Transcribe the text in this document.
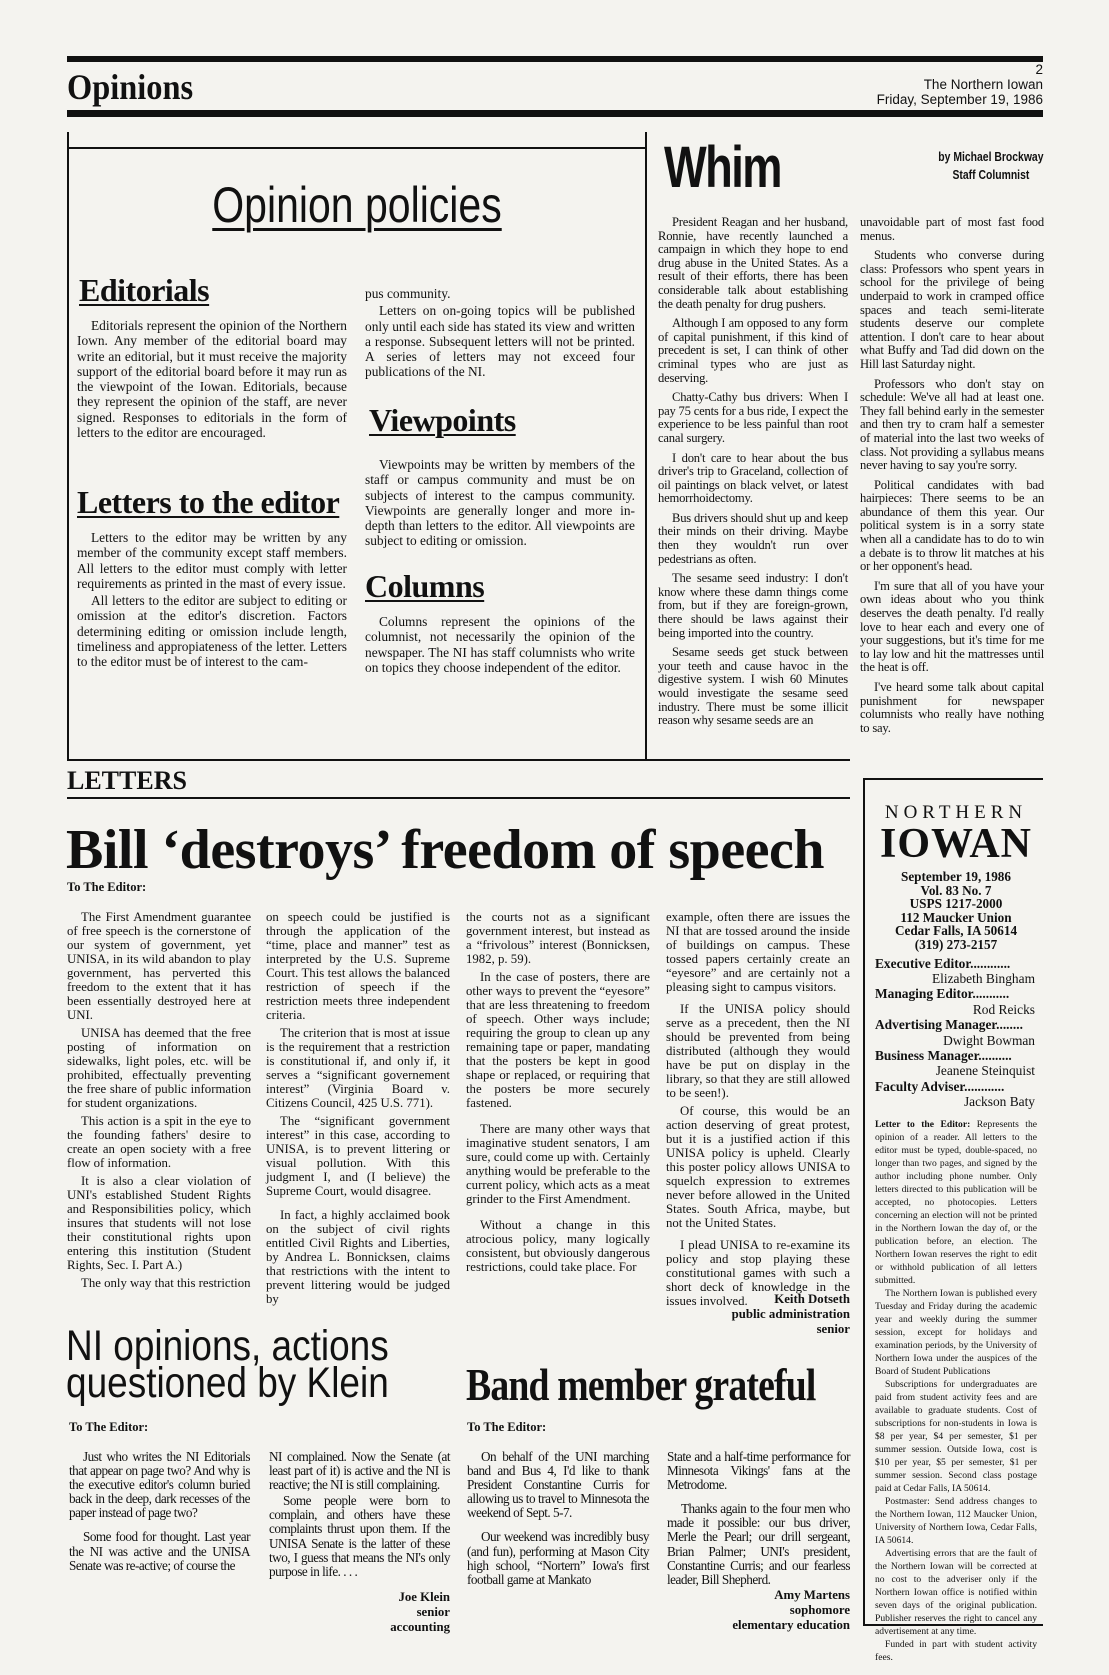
Opinions	2
The Northern Iowan
Friday, September 19, 1986
Opinion policies
Editorials

Editorials represent the opinion of the Northern Iown. Any member of the editorial board may write an editorial, but it must receive the majority support of the editorial board before it may run as the viewpoint of the Iowan. Editorials, because they represent the opinion of the staff, are never signed. Responses to editorials in the form of letters to the editor are encouraged.

Letters to the editor

Letters to the editor may be written by any member of the community except staff members. All letters to the editor must comply with letter requirements as printed in the mast of every issue.

All letters to the editor are subject to editing or omission at the editor's discretion. Factors determining editing or omission include length, timeliness and appropiateness of the letter. Letters to the editor must be of interest to the cam-

pus community.

Letters on on-going topics will be published only until each side has stated its view and written a response. Subsequent letters will not be printed. A series of letters may not exceed four publications of the NI.

Viewpoints

Viewpoints may be written by members of the staff or campus community and must be on subjects of interest to the campus community. Viewpoints are generally longer and more in-depth than letters to the editor. All viewpoints are subject to editing or omission.

Columns

Columns represent the opinions of the columnist, not necessarily the opinion of the newspaper. The NI has staff columnists who write on topics they choose independent of the editor.

Whim	by Michael Brockway
Staff Columnist

President Reagan and her husband, Ronnie, have recently launched a campaign in which they hope to end drug abuse in the United States. As a result of their efforts, there has been considerable talk about establishing the death penalty for drug pushers.

Although I am opposed to any form of capital punishment, if this kind of precedent is set, I can think of other criminal types who are just as deserving.

Chatty-Cathy bus drivers: When I pay 75 cents for a bus ride, I expect the experience to be less painful than root canal surgery.

I don't care to hear about the bus driver's trip to Graceland, collection of oil paintings on black velvet, or latest hemorrhoidectomy.

Bus drivers should shut up and keep their minds on their driving. Maybe then they wouldn't run over pedestrians as often.

The sesame seed industry: I don't know where these damn things come from, but if they are foreign-grown, there should be laws against their being imported into the country.

Sesame seeds get stuck between your teeth and cause havoc in the digestive system. I wish 60 Minutes would investigate the sesame seed industry. There must be some illicit reason why sesame seeds are an

unavoidable part of most fast food menus.

Students who converse during class: Professors who spent years in school for the privilege of being underpaid to work in cramped office spaces and teach semi-literate students deserve our complete attention. I don't care to hear about what Buffy and Tad did down on the Hill last Saturday night.

Professors who don't stay on schedule: We've all had at least one. They fall behind early in the semester and then try to cram half a semester of material into the last two weeks of class. Not providing a syllabus means never having to say you're sorry.

Political candidates with bad hairpieces: There seems to be an abundance of them this year. Our political system is in a sorry state when all a candidate has to do to win a debate is to throw lit matches at his or her opponent's head.

I'm sure that all of you have your own ideas about who you think deserves the death penalty. I'd really love to hear each and every one of your suggestions, but it's time for me to lay low and hit the mattresses until the heat is off.

I've heard some talk about capital punishment for newspaper columnists who really have nothing to say.

LETTERS
Bill ‘destroys’ freedom of speech
To The Editor:

The First Amendment guarantee of free speech is the cornerstone of our system of government, yet UNISA, in its wild abandon to play government, has perverted this freedom to the extent that it has been essentially destroyed here at UNI.

UNISA has deemed that the free posting of information on sidewalks, light poles, etc. will be prohibited, effectually preventing the free share of public information for student organizations.

This action is a spit in the eye to the founding fathers' desire to create an open society with a free flow of information.

It is also a clear violation of UNI's established Student Rights and Responsibilities policy, which insures that students will not lose their constitutional rights upon entering this institution (Student Rights, Sec. I. Part A.)

The only way that this restriction

on speech could be justified is through the application of the “time, place and manner” test as interpreted by the U.S. Supreme Court. This test allows the balanced restriction of speech if the restriction meets three independent criteria.

The criterion that is most at issue is the requirement that a restriction is constitutional if, and only if, it serves a “significant governement interest” (Virginia Board v. Citizens Council, 425 U.S. 771).

The “significant government interest” in this case, according to UNISA, is to prevent littering or visual pollution. With this judgment I, and (I believe) the Supreme Court, would disagree.

In fact, a highly acclaimed book on the subject of civil rights entitled Civil Rights and Liberties, by Andrea L. Bonnicksen, claims that restrictions with the intent to prevent littering would be judged by

the courts not as a significant government interest, but instead as a “frivolous” interest (Bonnicksen, 1982, p. 59).

In the case of posters, there are other ways to prevent the “eyesore” that are less threatening to freedom of speech. Other ways include; requiring the group to clean up any remaining tape or paper, mandating that the posters be kept in good shape or replaced, or requiring that the posters be more securely fastened.

There are many other ways that imaginative student senators, I am sure, could come up with. Certainly anything would be preferable to the current policy, which acts as a meat grinder to the First Amendment.

Without a change in this atrocious policy, many logically consistent, but obviously dangerous restrictions, could take place. For

example, often there are issues the NI that are tossed around the inside of buildings on campus. These tossed papers certainly create an “eyesore” and are certainly not a pleasing sight to campus visitors.

If the UNISA policy should serve as a precedent, then the NI should be prevented from being distributed (although they would have be put on display in the library, so that they are still allowed to be seen!).

Of course, this would be an action deserving of great protest, but it is a justified action if this UNISA policy is upheld. Clearly this poster policy allows UNISA to squelch expression to extremes never before allowed in the United States. South Africa, maybe, but not the United States.

I plead UNISA to re-examine its policy and stop playing these constitutional games with such a short deck of knowledge in the issues involved.	Keith Dotseth
public administration
senior
NI opinions, actions
questioned by Klein
To The Editor:

Just who writes the NI Editorials that appear on page two? And why is the executive editor's column buried back in the deep, dark recesses of the paper instead of page two?

Some food for thought. Last year the NI was active and the UNISA Senate was re-active; of course the

NI complained. Now the Senate (at least part of it) is active and the NI is reactive; the NI is still complaining.

Some people were born to complain, and others have these complaints thrust upon them. If the UNISA Senate is the latter of these two, I guess that means the NI's only purpose in life. . . .

Joe Klein
senior
accounting
Band member grateful
To The Editor:

On behalf of the UNI marching band and Bus 4, I'd like to thank President Constantine Curris for allowing us to travel to Minnesota the weekend of Sept. 5-7.

Our weekend was incredibly busy (and fun), performing at Mason City high school, “Nortern” Iowa's first football game at Mankato

State and a half-time performance for Minnesota Vikings' fans at the Metrodome.

Thanks again to the four men who made it possible: our bus driver, Merle the Pearl; our drill sergeant, Brian Palmer; UNI's president, Constantine Curris; and our fearless leader, Bill Shepherd.

Amy Martens
sophomore
elementary education
NORTHERN
IOWAN
September 19, 1986
Vol. 83 No. 7
USPS 1217-2000
112 Maucker Union
Cedar Falls, IA 50614
(319) 273-2157
Executive Editor............
Elizabeth Bingham
Managing Editor...........
Rod Reicks
Advertising Manager........
Dwight Bowman
Business Manager..........
Jeanene Steinquist
Faculty Adviser............
Jackson Baty

Letter to the Editor: Represents the opinion of a reader. All letters to the editor must be typed, double-spaced, no longer than two pages, and signed by the author including phone number. Only letters directed to this publication will be accepted, no photocopies. Letters concerning an election will not be printed in the Northern Iowan the day of, or the publication before, an election. The Northern Iowan reserves the right to edit or withhold publication of all letters submitted.

The Northern Iowan is published every Tuesday and Friday during the academic year and weekly during the summer session, except for holidays and examination periods, by the University of Northern Iowa under the auspices of the Board of Student Publications

Subscriptions for undergraduates are paid from student activity fees and are available to graduate students. Cost of subscriptions for non-students in Iowa is $8 per year, $4 per semester, $1 per summer session. Outside Iowa, cost is $10 per year, $5 per semester, $1 per summer session. Second class postage paid at Cedar Falls, IA 50614.

Postmaster: Send address changes to the Northern Iowan, 112 Maucker Union, University of Northern Iowa, Cedar Falls, IA 50614.

Advertising errors that are the fault of the Northern Iowan will be corrected at no cost to the adveriser only if the Northern Iowan office is notified within seven days of the original publication. Publisher reserves the right to cancel any advertisement at any time.

Funded in part with student activity fees.
